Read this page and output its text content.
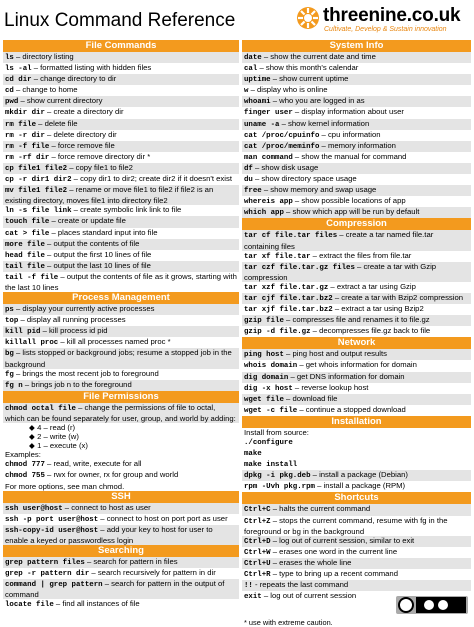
Linux Command Reference	threenine.co.uk
Cultivate, Develop & Sustain innovation
File Commands
ls – directory listing
ls -al – formatted listing with hidden files
cd dir – change directory to dir
cd – change to home
pwd – show current directory
mkdir dir – create a directory dir
rm file – delete file
rm -r dir – delete directory dir
rm -f file – force remove file
rm -rf dir – force remove directory dir *
cp file1 file2 – copy file1 to file2
cp -r dir1 dir2 – copy dir1 to dir2; create dir2 if it doesn't exist
mv file1 file2 – rename or move file1 to file2 if file2 is an existing directory, moves file1 into directory file2
ln -s file link – create symbolic link link to file
touch file – create or update file
cat > file – places standard input into file
more file – output the contents of file
head file – output the first 10 lines of file
tail file – output the last 10 lines of file
tail -f file – output the contents of file as it grows, starting with the last 10 lines
Process Management
ps – display your currently active processes
top – display all running processes
kill pid – kill process id pid
killall proc – kill all processes named proc *
bg – lists stopped or background jobs; resume a stopped job in the background
fg – brings the most recent job to foreground
fg n – brings job n to the foreground
File Permissions
chmod octal file – change the permissions of file to octal, which can be found separately for user, group, and world by adding:
◆ 4 – read (r)
◆ 2 – write (w)
◆ 1 – execute (x)
Examples:
chmod 777 – read, write, execute for all
chmod 755 – rwx for owner, rx for group and world
For more options, see man chmod.
SSH
ssh user@host – connect to host as user
ssh -p port user@host – connect to host on port port as user
ssh-copy-id user@host – add your key to host for user to enable a keyed or passwordless login
Searching
grep pattern files – search for pattern in files
grep -r pattern dir – search recursively for pattern in dir
command | grep pattern – search for pattern in the output of command
locate file – find all instances of file
System Info
date – show the current date and time
cal – show this month's calendar
uptime – show current uptime
w – display who is online
whoami – who you are logged in as
finger user – display information about user
uname -a – show kernel information
cat /proc/cpuinfo – cpu information
cat /proc/meminfo – memory information
man command – show the manual for command
df – show disk usage
du – show directory space usage
free – show memory and swap usage
whereis app – show possible locations of app
which app – show which app will be run by default
Compression
tar cf file.tar files – create a tar named file.tar containing files
tar xf file.tar – extract the files from file.tar
tar czf file.tar.gz files – create a tar with Gzip compression
tar xzf file.tar.gz – extract a tar using Gzip
tar cjf file.tar.bz2 – create a tar with Bzip2 compression
tar xjf file.tar.bz2 – extract a tar using Bzip2
gzip file – compresses file and renames it to file.gz
gzip -d file.gz – decompresses file.gz back to file
Network
ping host – ping host and output results
whois domain – get whois information for domain
dig domain – get DNS information for domain
dig -x host – reverse lookup host
wget file – download file
wget -c file – continue a stopped download
Installation
Install from source:
./configure
make
make install
dpkg -i pkg.deb – install a package (Debian)
rpm -Uvh pkg.rpm – install a package (RPM)
Shortcuts
Ctrl+C – halts the current command
Ctrl+Z – stops the current command, resume with fg in the foreground or bg in the background
Ctrl+D – log out of current session, similar to exit
Ctrl+W – erases one word in the current line
Ctrl+U – erases the whole line
Ctrl+R – type to bring up a recent command
!! - repeats the last command
exit – log out of current session
* use with extreme caution.
